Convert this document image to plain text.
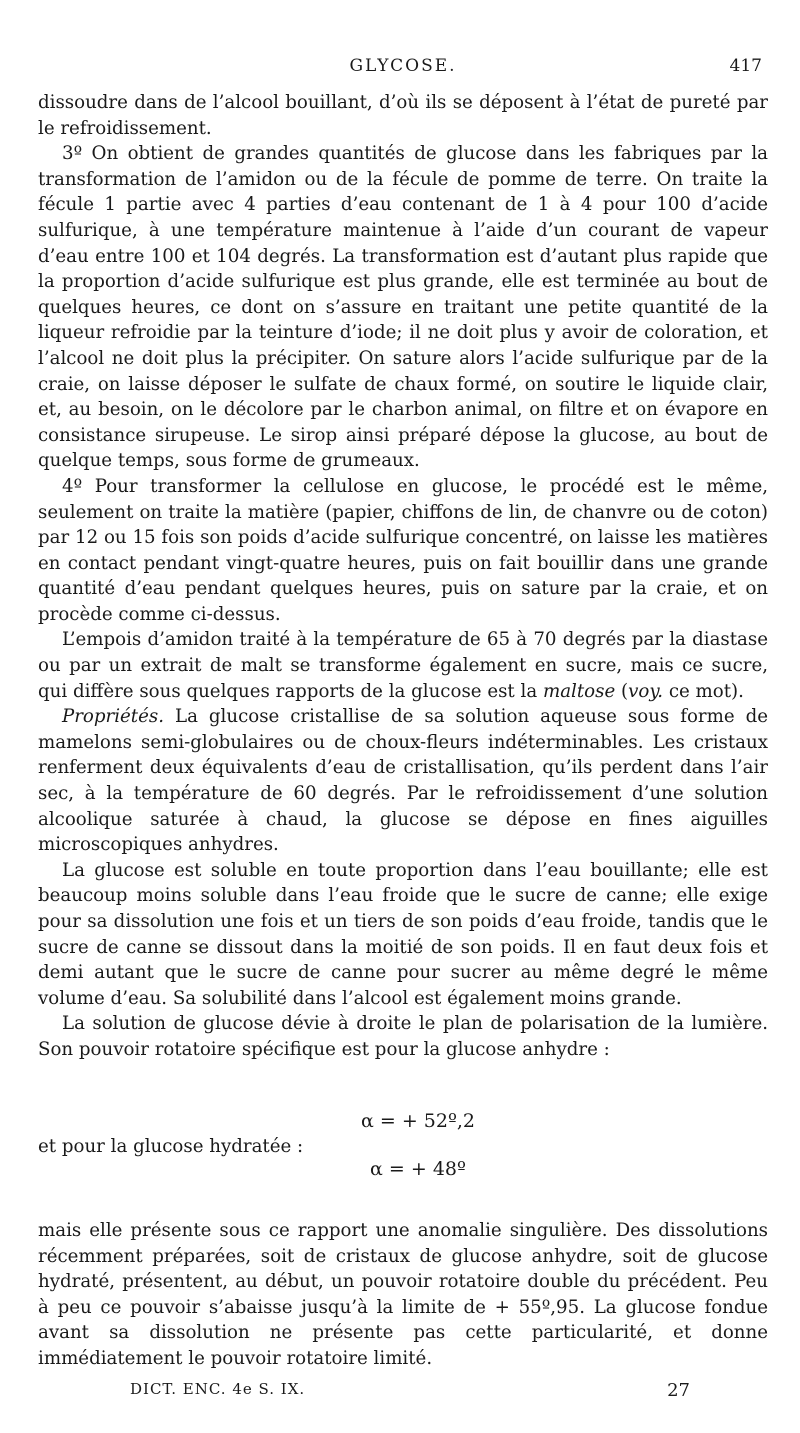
GLYCOSE.	417

dissoudre dans de l’alcool bouillant, d’où ils se déposent à l’état de pureté par le refroidissement.

3º On obtient de grandes quantités de glucose dans les fabriques par la transformation de l’amidon ou de la fécule de pomme de terre. On traite la fécule 1 partie avec 4 parties d’eau contenant de 1 à 4 pour 100 d’acide sulfurique, à une température maintenue à l’aide d’un courant de vapeur d’eau entre 100 et 104 degrés. La transformation est d’autant plus rapide que la proportion d’acide sulfurique est plus grande, elle est terminée au bout de quelques heures, ce dont on s’assure en traitant une petite quantité de la liqueur refroidie par la teinture d’iode; il ne doit plus y avoir de coloration, et l’alcool ne doit plus la précipiter. On sature alors l’acide sulfurique par de la craie, on laisse déposer le sulfate de chaux formé, on soutire le liquide clair, et, au besoin, on le décolore par le charbon animal, on filtre et on évapore en consistance sirupeuse. Le sirop ainsi préparé dépose la glucose, au bout de quelque temps, sous forme de grumeaux.

4º Pour transformer la cellulose en glucose, le procédé est le même, seulement on traite la matière (papier, chiffons de lin, de chanvre ou de coton) par 12 ou 15 fois son poids d’acide sulfurique concentré, on laisse les matières en contact pendant vingt-quatre heures, puis on fait bouillir dans une grande quantité d’eau pendant quelques heures, puis on sature par la craie, et on procède comme ci-dessus.

L’empois d’amidon traité à la température de 65 à 70 degrés par la diastase ou par un extrait de malt se transforme également en sucre, mais ce sucre, qui diffère sous quelques rapports de la glucose est la maltose (voy. ce mot).

Propriétés. La glucose cristallise de sa solution aqueuse sous forme de mamelons semi-globulaires ou de choux-fleurs indéterminables. Les cristaux renferment deux équivalents d’eau de cristallisation, qu’ils perdent dans l’air sec, à la température de 60 degrés. Par le refroidissement d’une solution alcoolique saturée à chaud, la glucose se dépose en fines aiguilles microscopiques anhydres.

La glucose est soluble en toute proportion dans l’eau bouillante; elle est beaucoup moins soluble dans l’eau froide que le sucre de canne; elle exige pour sa dissolution une fois et un tiers de son poids d’eau froide, tandis que le sucre de canne se dissout dans la moitié de son poids. Il en faut deux fois et demi autant que le sucre de canne pour sucrer au même degré le même volume d’eau. Sa solubilité dans l’alcool est également moins grande.

La solution de glucose dévie à droite le plan de polarisation de la lumière. Son pouvoir rotatoire spécifique est pour la glucose anhydre :

α = + 52º,2
et pour la glucose hydratée :
α = + 48º

mais elle présente sous ce rapport une anomalie singulière. Des dissolutions récemment préparées, soit de cristaux de glucose anhydre, soit de glucose hydraté, présentent, au début, un pouvoir rotatoire double du précédent. Peu à peu ce pouvoir s’abaisse jusqu’à la limite de + 55º,95. La glucose fondue avant sa dissolution ne présente pas cette particularité, et donne immédiatement le pouvoir rotatoire limité.

DICT. ENC. 4e S. IX.	27
